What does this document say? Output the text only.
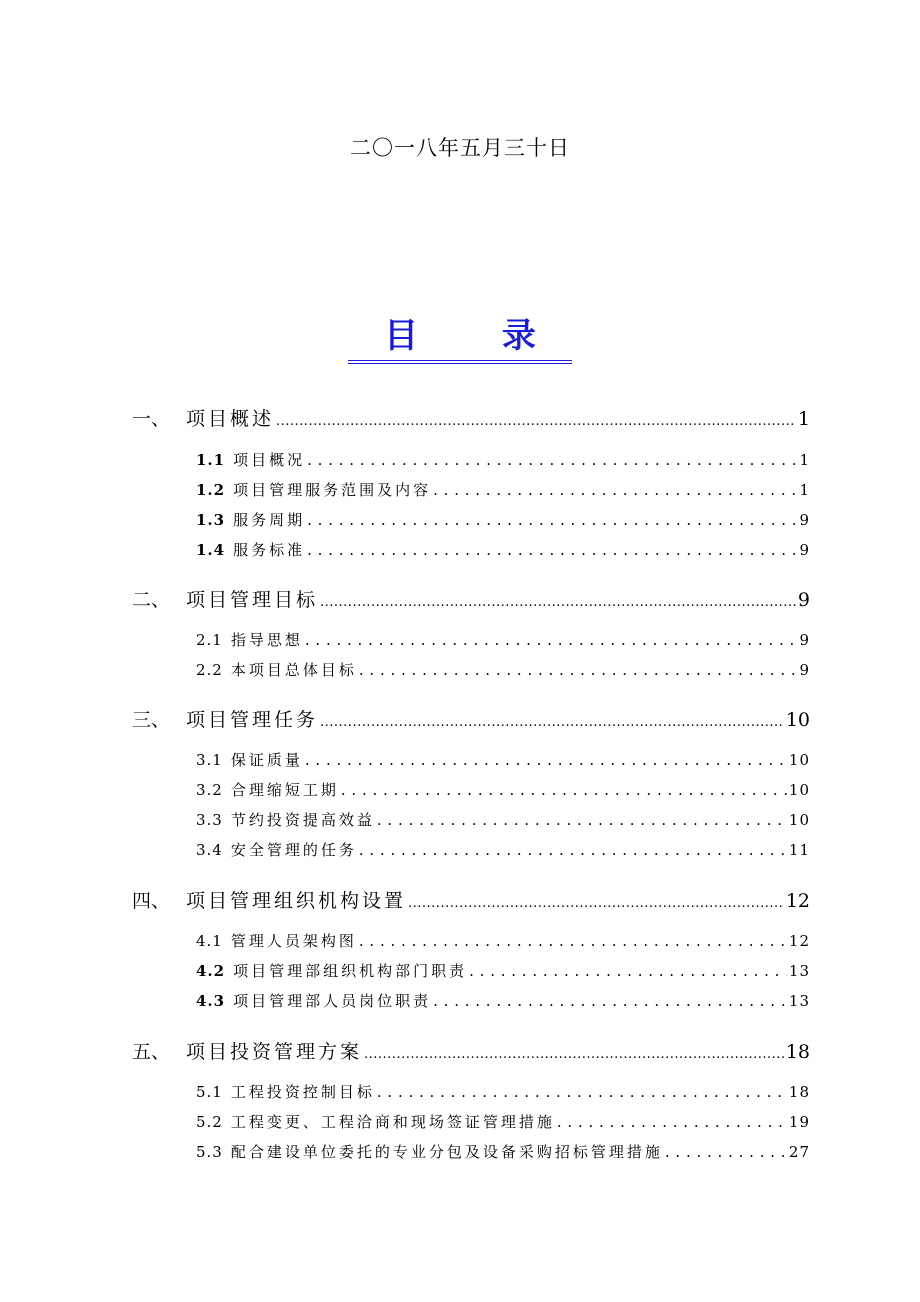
二〇一八年五月三十日
目 录
一、 项目概述 .....	1
1.1 项目概况 . . .	1
1.2 项目管理服务范围及内容 . . .	1
1.3 服务周期 . . .	9
1.4 服务标准 . . .	9
二、 项目管理目标 .....	9
2.1 指导思想 . . .	9
2.2 本项目总体目标 . . .	9
三、 项目管理任务 .....	10
3.1 保证质量 . . .	10
3.2 合理缩短工期 . . .	10
3.3 节约投资提高效益 . . .	10
3.4 安全管理的任务 . . .	11
四、 项目管理组织机构设置 .....	12
4.1 管理人员架构图 . . .	12
4.2 项目管理部组织机构部门职责 . . .	13
4.3 项目管理部人员岗位职责 . . .	13
五、 项目投资管理方案 .....	18
5.1 工程投资控制目标 . . .	18
5.2 工程变更、工程洽商和现场签证管理措施 . . .	19
5.3 配合建设单位委托的专业分包及设备采购招标管理措施 . . .	27
